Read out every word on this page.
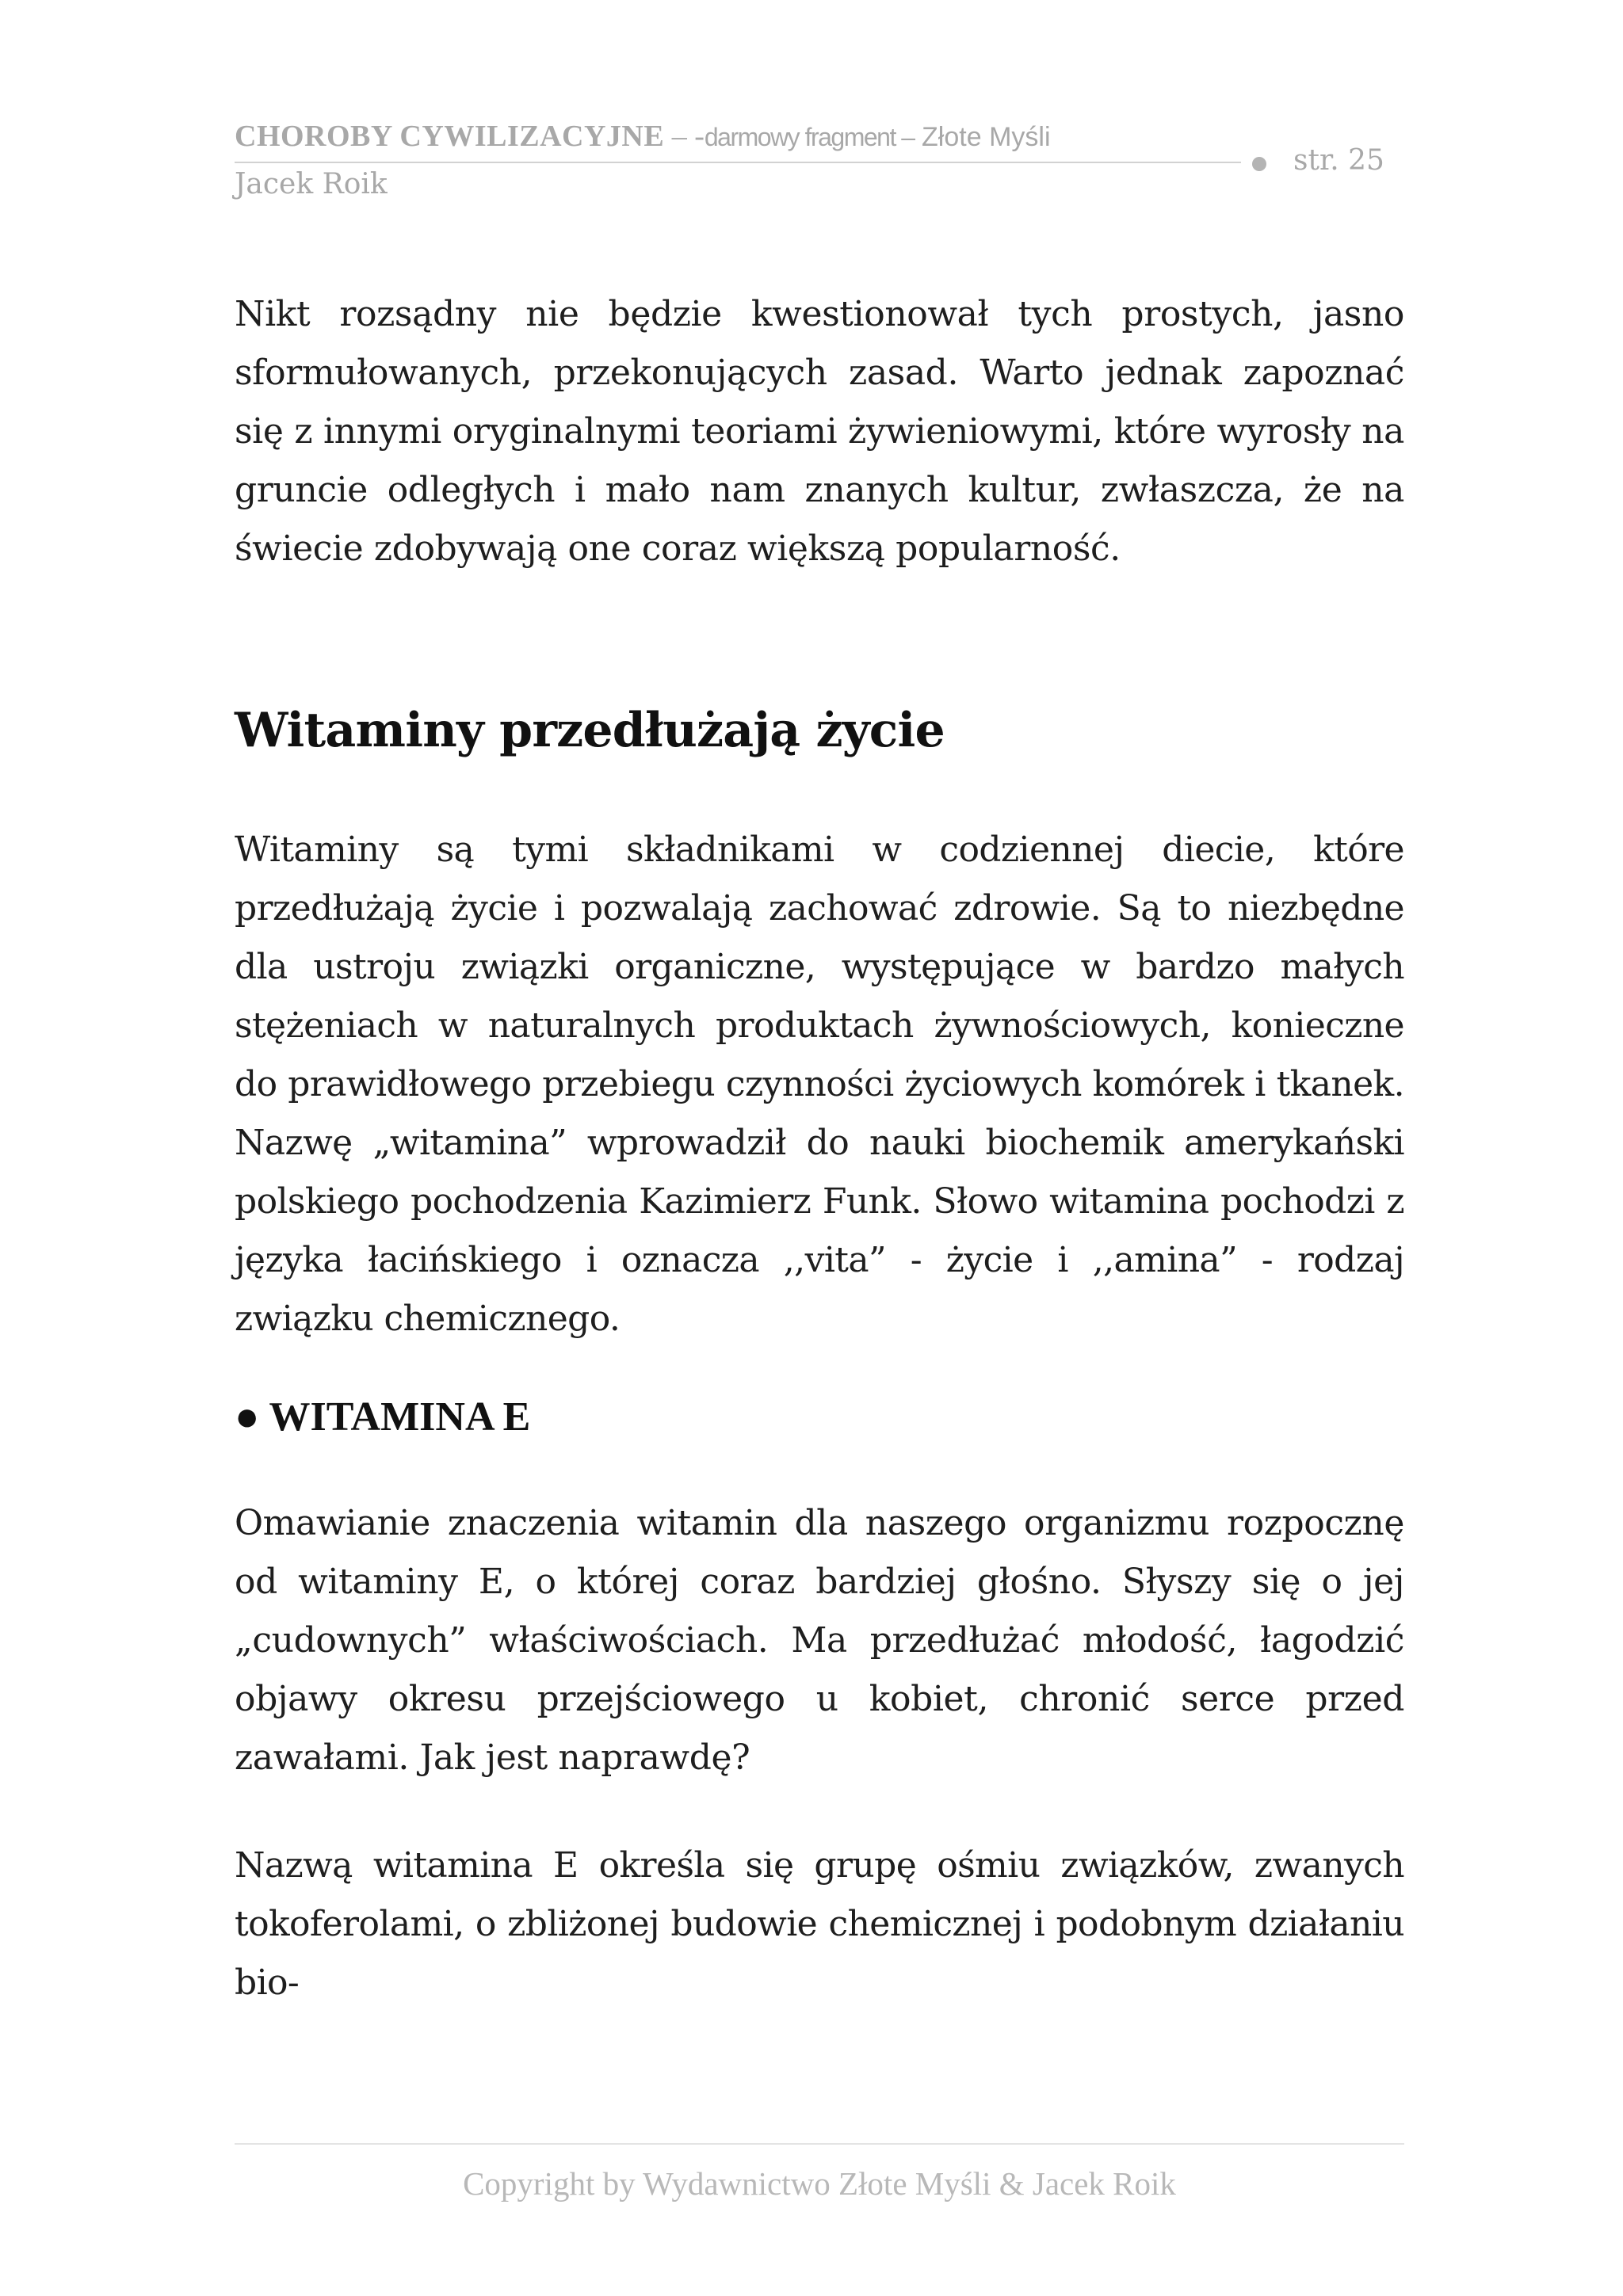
CHOROBY CYWILIZACYJNE – -darmowy fragment – Złote Myśli
str. 25
Jacek Roik

Nikt rozsądny nie będzie kwestionował tych prostych, jasno sformułowanych, przekonujących zasad. Warto jednak zapoznać się z innymi oryginalnymi teoriami żywieniowymi, które wyrosły na gruncie odległych i mało nam znanych kultur, zwłaszcza, że na świecie zdobywają one coraz większą popularność.

Witaminy przedłużają życie

Witaminy są tymi składnikami w codziennej diecie, które przedłużają życie i pozwalają zachować zdrowie. Są to niezbędne dla ustroju związki organiczne, występujące w bardzo małych stężeniach w naturalnych produktach żywnościowych, konieczne do prawidłowego przebiegu czynności życiowych komórek i tkanek. Nazwę „witamina” wprowadził do nauki biochemik amerykański polskiego pochodzenia Kazimierz Funk. Słowo witamina pochodzi z języka łacińskiego i oznacza ,,vita” - życie i ,,amina” - rodzaj związku chemicznego.

● WITAMINA E

Omawianie znaczenia witamin dla naszego organizmu rozpocznę od witaminy E, o której coraz bardziej głośno. Słyszy się o jej „cudownych” właściwościach. Ma przedłużać młodość, łagodzić objawy okresu przejściowego u kobiet, chronić serce przed zawałami. Jak jest naprawdę?

Nazwą witamina E określa się grupę ośmiu związków, zwanych tokoferolami, o zbliżonej budowie chemicznej i podobnym działaniu bio-

Copyright by Wydawnictwo Złote Myśli & Jacek Roik
